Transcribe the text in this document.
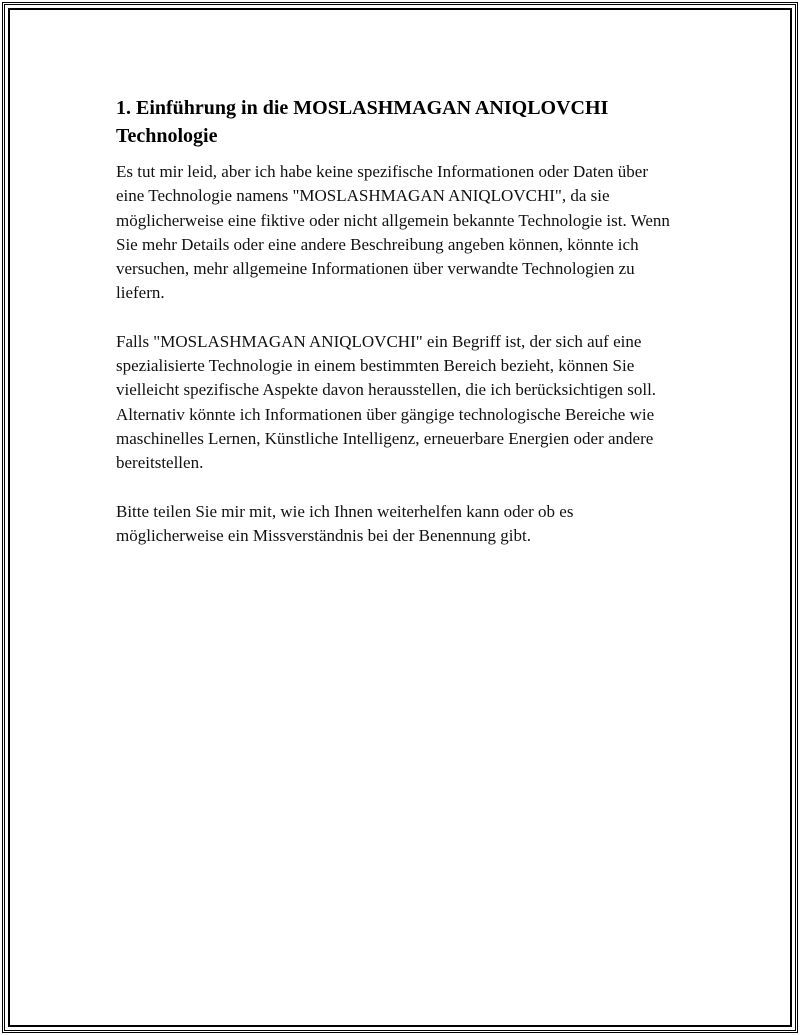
1. Einführung in die MOSLASHMAGAN ANIQLOVCHI Technologie

Es tut mir leid, aber ich habe keine spezifische Informationen oder Daten über eine Technologie namens "MOSLASHMAGAN ANIQLOVCHI", da sie möglicherweise eine fiktive oder nicht allgemein bekannte Technologie ist. Wenn Sie mehr Details oder eine andere Beschreibung angeben können, könnte ich versuchen, mehr allgemeine Informationen über verwandte Technologien zu liefern.

Falls "MOSLASHMAGAN ANIQLOVCHI" ein Begriff ist, der sich auf eine spezialisierte Technologie in einem bestimmten Bereich bezieht, können Sie vielleicht spezifische Aspekte davon herausstellen, die ich berücksichtigen soll. Alternativ könnte ich Informationen über gängige technologische Bereiche wie maschinelles Lernen, Künstliche Intelligenz, erneuerbare Energien oder andere bereitstellen.

Bitte teilen Sie mir mit, wie ich Ihnen weiterhelfen kann oder ob es möglicherweise ein Missverständnis bei der Benennung gibt.
